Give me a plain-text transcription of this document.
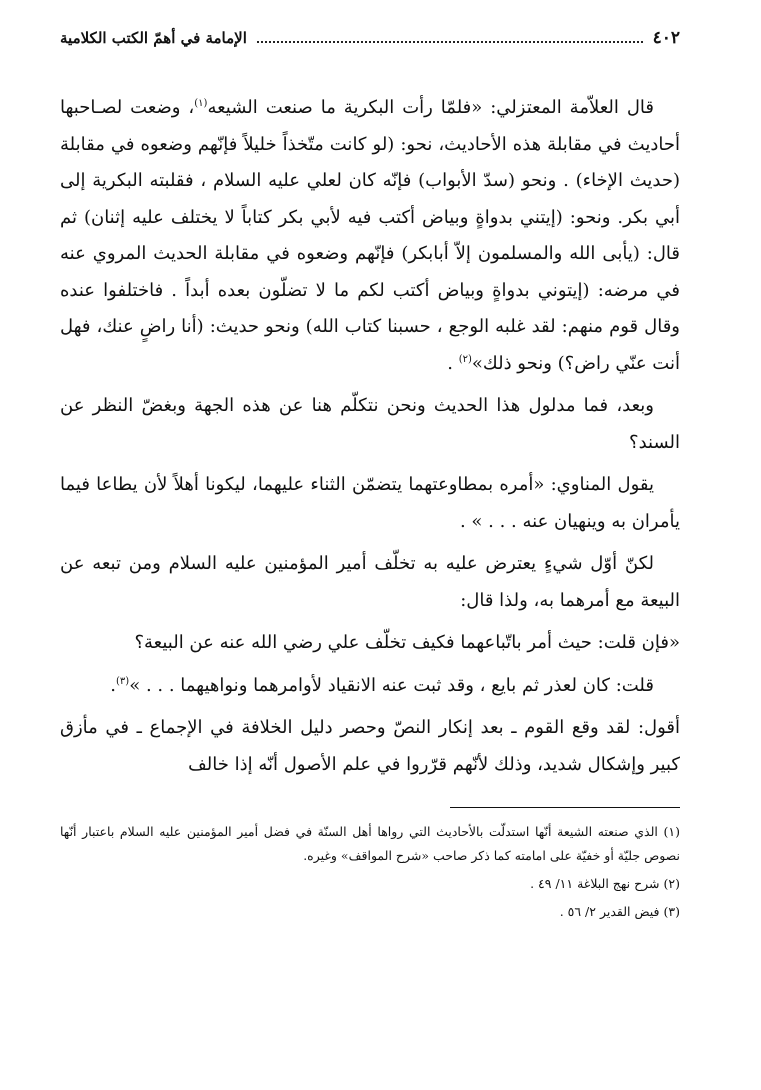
٤٠٢
الإمامة في أهمّ الكتب الكلامية

قال العلاّمة المعتزلي: «فلمّا رأت البكرية ما صنعت الشيعه$^{(١)}$، وضعت لصـاحبها أحاديث في مقابلة هذه الأحاديث، نحو: (لو كانت متّخذاً خليلاً فإنّهم وضعوه في مقابلة (حديث الإخاء) . ونحو (سدّ الأبواب) فإنّه كان لعلي عليه السلام ، فقلبته البكرية إلى أبي بكر. ونحو: (إيتني بدواةٍ وبياض أكتب فيه لأبي بكر كتاباً لا يختلف عليه إثنان) ثم قال: (يأبى الله والمسلمون إلاّ أبابكر) فإنّهم وضعوه في مقابلة الحديث المروي عنه في مرضه: (إيتوني بدواةٍ وبياض أكتب لكم ما لا تضلّون بعده أبداً . فاختلفوا عنده وقال قوم منهم: لقد غلبه الوجع ، حسبنا كتاب الله) ونحو حديث: (أنا راضٍ عنك، فهل أنت عنّي راض؟) ونحو ذلك»$^{(٢)}$ .

وبعد، فما مدلول هذا الحديث ونحن نتكلّم هنا عن هذه الجهة وبغضّ النظر عن السند؟

يقول المناوي: «أمره بمطاوعتهما يتضمّن الثناء عليهما، ليكونا أهلاً لأن يطاعا فيما يأمران به وينهيان عنه . . . » .

لكنّ أوّل شيءٍ يعترض عليه به تخلّف أمير المؤمنين عليه السلام ومن تبعه عن البيعة مع أمرهما به، ولذا قال:

«فإن قلت: حيث أمر باتّباعهما فكيف تخلّف علي رضي الله عنه عن البيعة؟

قلت: كان لعذر ثم بايع ، وقد ثبت عنه الانقياد لأوامرهما ونواهيهما . . . »$^{(٣)}$.

أقول: لقد وقع القوم ـ بعد إنكار النصّ وحصر دليل الخلافة في الإجماع ـ في مأزق كبير وإشكال شديد، وذلك لأنّهم قرّروا في علم الأصول أنّه إذا خالف

(١) الذي صنعته الشيعة أنّها استدلّت بالأحاديث التي رواها أهل السنّة في فضل أمير المؤمنين عليه السلام باعتبار أنّها نصوص جليّة أو خفيّة على امامته كما ذكر صاحب «شرح المواقف» وغيره.

(٢) شرح نهج البلاغة ١١/ ٤٩ .

(٣) فيض القدير ٢/ ٥٦ .
